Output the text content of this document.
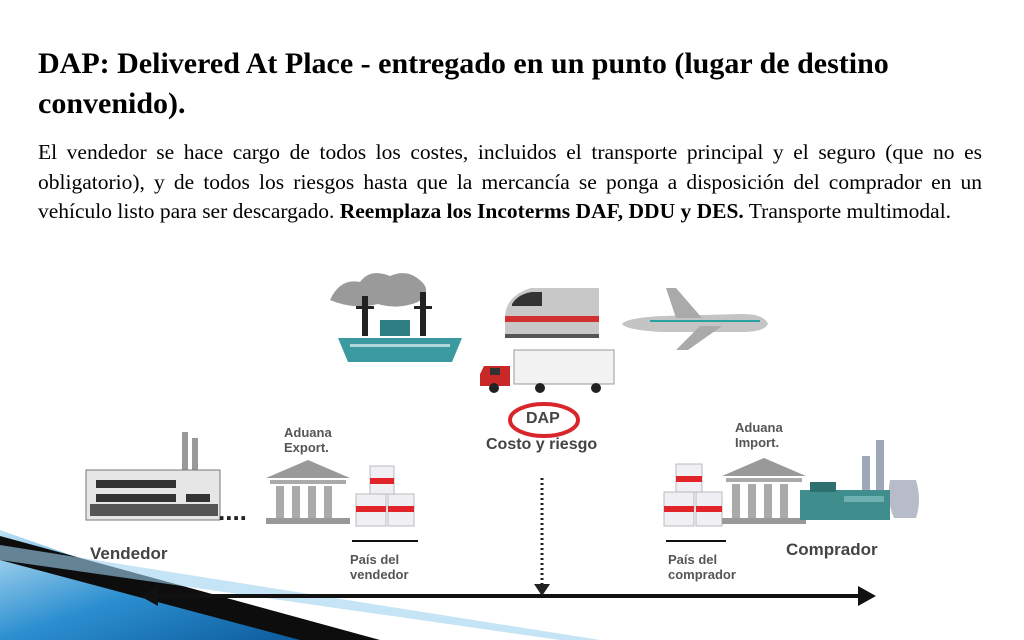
DAP: Delivered At Place - entregado en un punto (lugar de destino convenido).

El vendedor se hace cargo de todos los costes, incluidos el transporte principal y el seguro (que no es obligatorio), y de todos los riesgos hasta que la mercancía se ponga a disposición del comprador en un vehículo listo para ser descargado. Reemplaza los Incoterms DAF, DDU y DES. Transporte multimodal.

DAP
Costo y riesgo
Aduana
Export.
Aduana
Import.
Vendedor	Comprador
País del
vendedor
País del
comprador
....
